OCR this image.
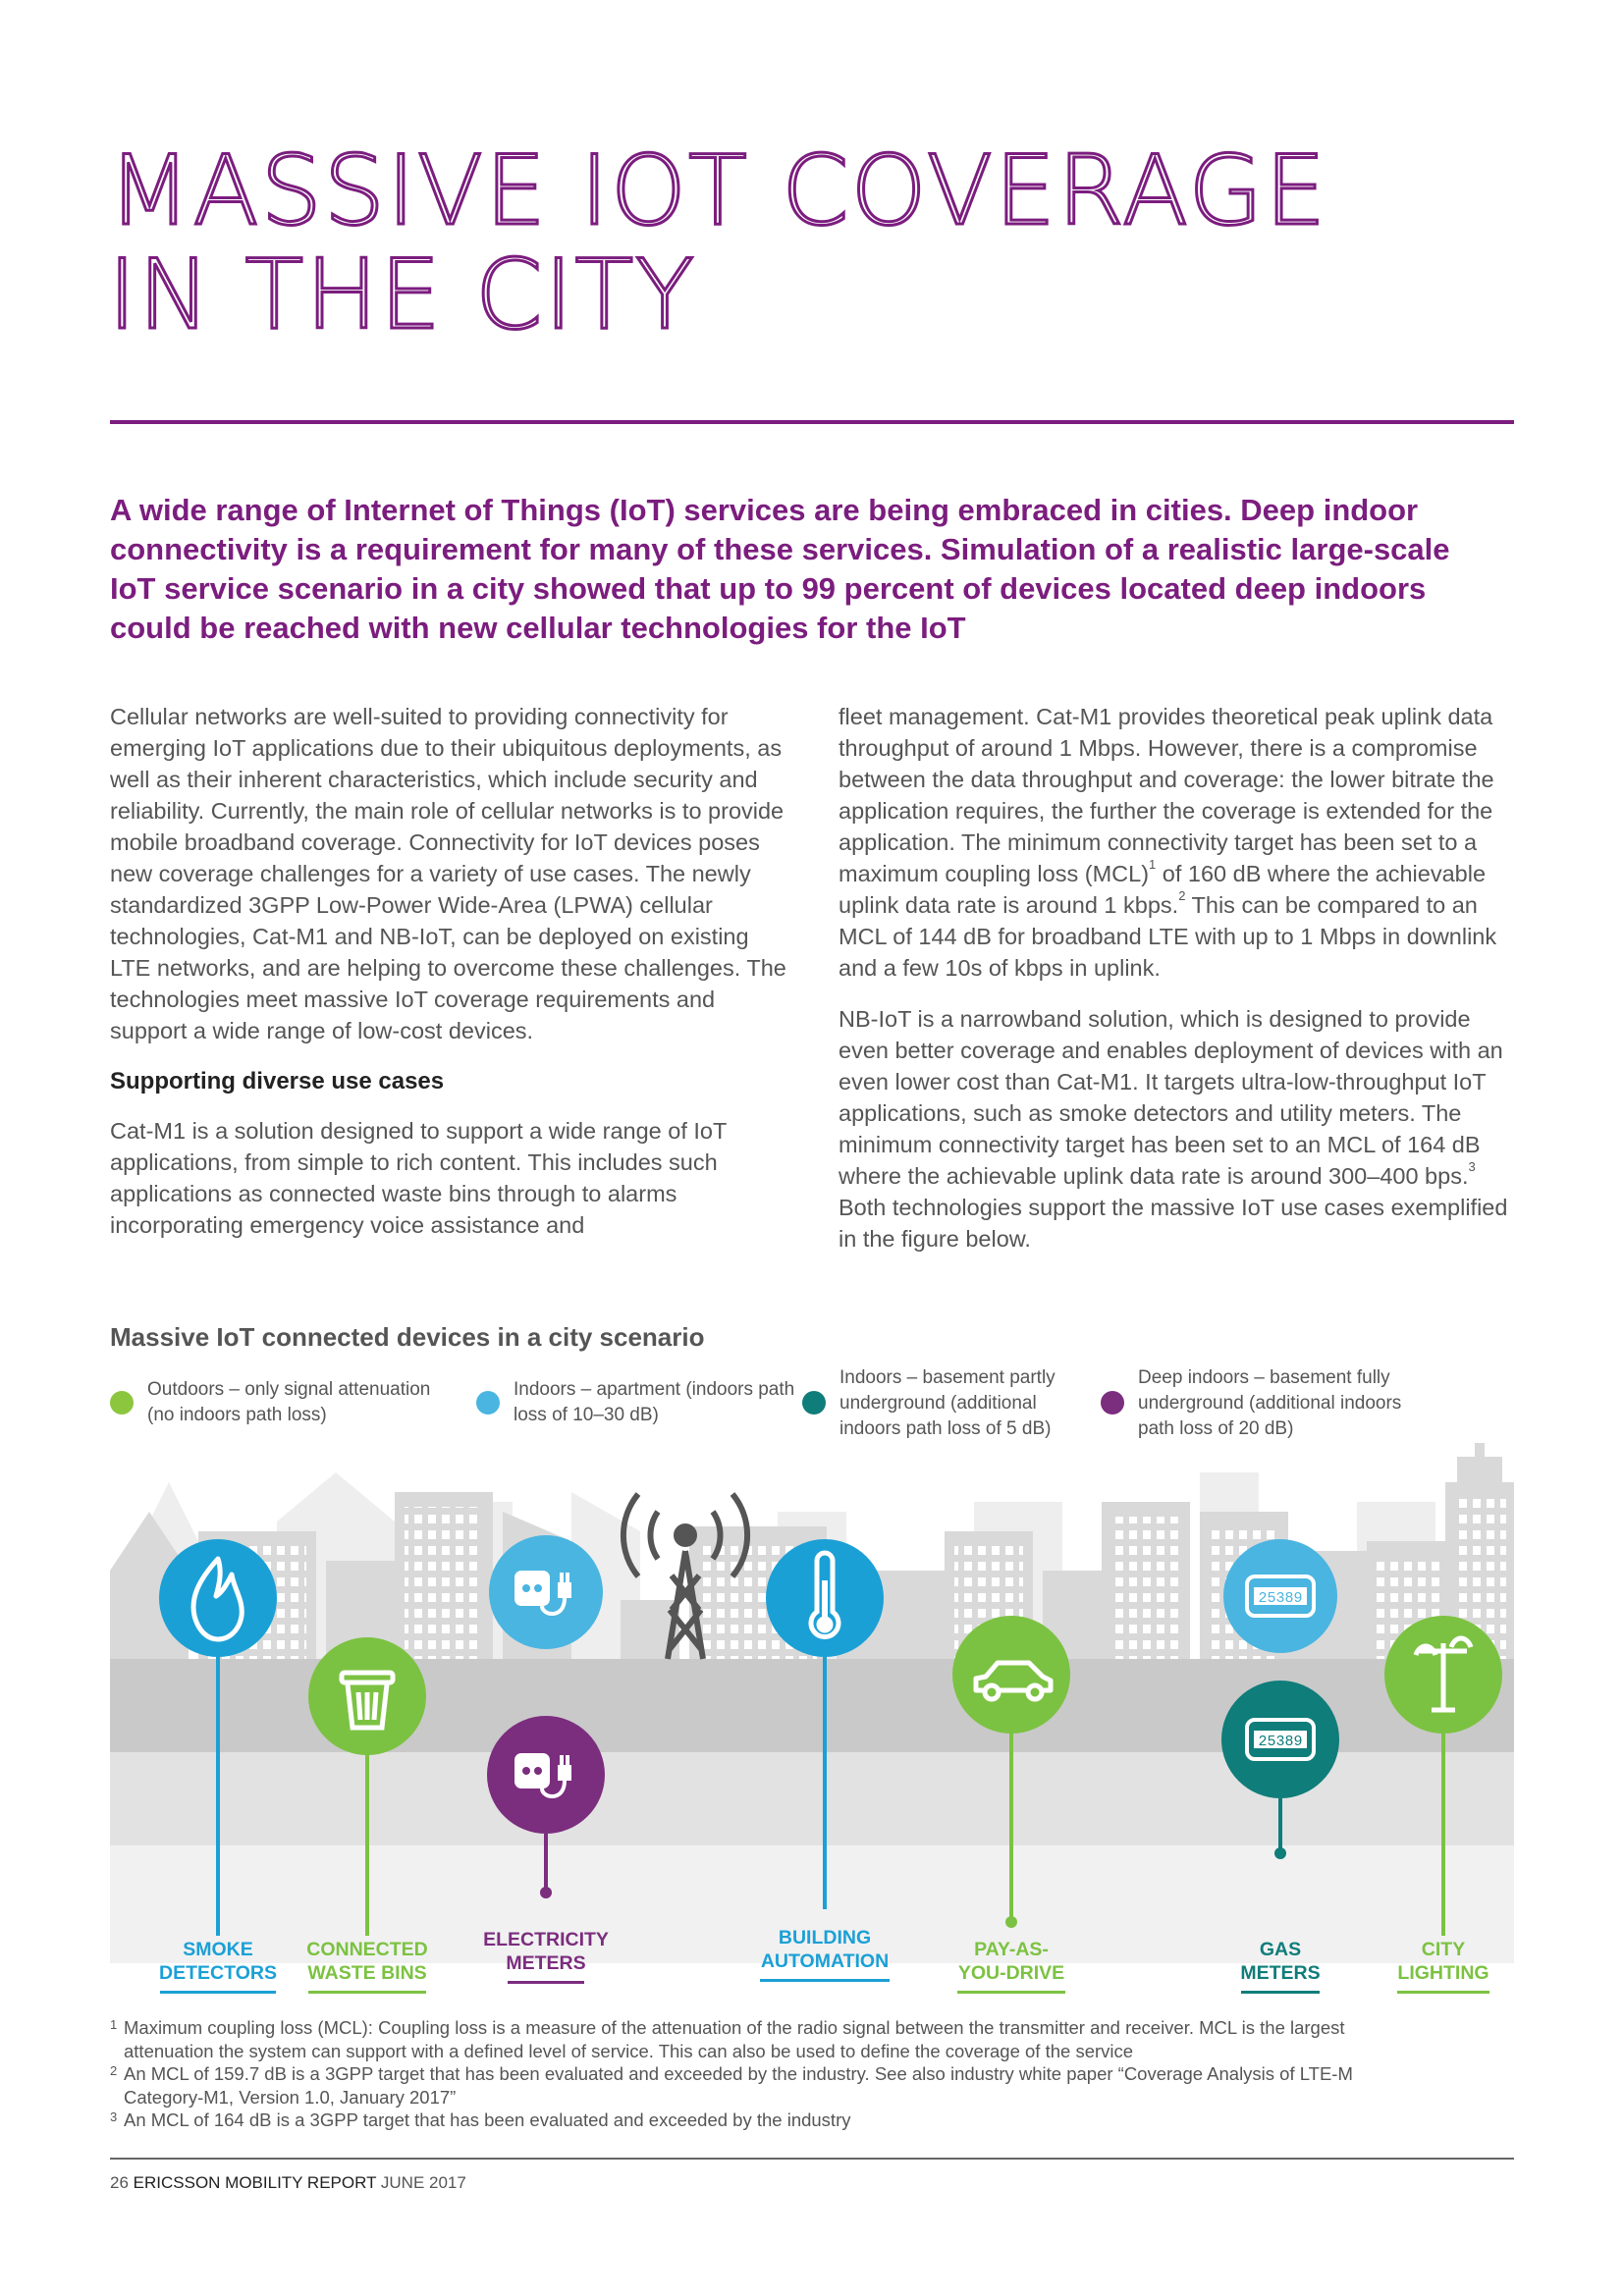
MASSIVE IOT COVERAGE
IN THE CITY

A wide range of Internet of Things (IoT) services are being embraced in cities. Deep indoor connectivity is a requirement for many of these services. Simulation of a realistic large-scale IoT service scenario in a city showed that up to 99 percent of devices located deep indoors could be reached with new cellular technologies for the IoT

Cellular networks are well-suited to providing connectivity for emerging IoT applications due to their ubiquitous deployments, as well as their inherent characteristics, which include security and reliability. Currently, the main role of cellular networks is to provide mobile broadband coverage. Connectivity for IoT devices poses new coverage challenges for a variety of use cases. The newly standardized 3GPP Low-Power Wide-Area (LPWA) cellular technologies, Cat-M1 and NB-IoT, can be deployed on existing LTE networks, and are helping to overcome these challenges. The technologies meet massive IoT coverage requirements and support a wide range of low-cost devices.

Supporting diverse use cases

Cat-M1 is a solution designed to support a wide range of IoT applications, from simple to rich content. This includes such applications as connected waste bins through to alarms incorporating emergency voice assistance and

fleet management. Cat-M1 provides theoretical peak uplink data throughput of around 1 Mbps. However, there is a compromise between the data throughput and coverage: the lower bitrate the application requires, the further the coverage is extended for the application. The minimum connectivity target has been set to a maximum coupling loss (MCL)$^1$ of 160 dB where the achievable uplink data rate is around 1 kbps.$^2$ This can be compared to an MCL of 144 dB for broadband LTE with up to 1 Mbps in downlink and a few 10s of kbps in uplink.

NB-IoT is a narrowband solution, which is designed to provide even better coverage and enables deployment of devices with an even lower cost than Cat-M1. It targets ultra-low-throughput IoT applications, such as smoke detectors and utility meters. The minimum connectivity target has been set to an MCL of 164 dB where the achievable uplink data rate is around 300–400 bps.$^3$ Both technologies support the massive IoT use cases exemplified in the figure below.

Massive IoT connected devices in a city scenario
Outdoors – only signal attenuation (no indoors path loss)
Indoors – apartment (indoors path loss of 10–30 dB)
Indoors – basement partly underground (additional indoors path loss of 5 dB)
Deep indoors – basement fully underground (additional indoors path loss of 20 dB)
25389
25389
SMOKE DETECTORS
CONNECTED WASTE BINS
ELECTRICITY METERS
BUILDING AUTOMATION
PAY-AS-YOU-DRIVE
GAS METERS
CITY LIGHTING
1 Maximum coupling loss (MCL): Coupling loss is a measure of the attenuation of the radio signal between the transmitter and receiver. MCL is the largest attenuation the system can support with a defined level of service. This can also be used to define the coverage of the service
2 An MCL of 159.7 dB is a 3GPP target that has been evaluated and exceeded by the industry. See also industry white paper “Coverage Analysis of LTE-M Category-M1, Version 1.0, January 2017”
3 An MCL of 164 dB is a 3GPP target that has been evaluated and exceeded by the industry
26 ERICSSON MOBILITY REPORT JUNE 2017
